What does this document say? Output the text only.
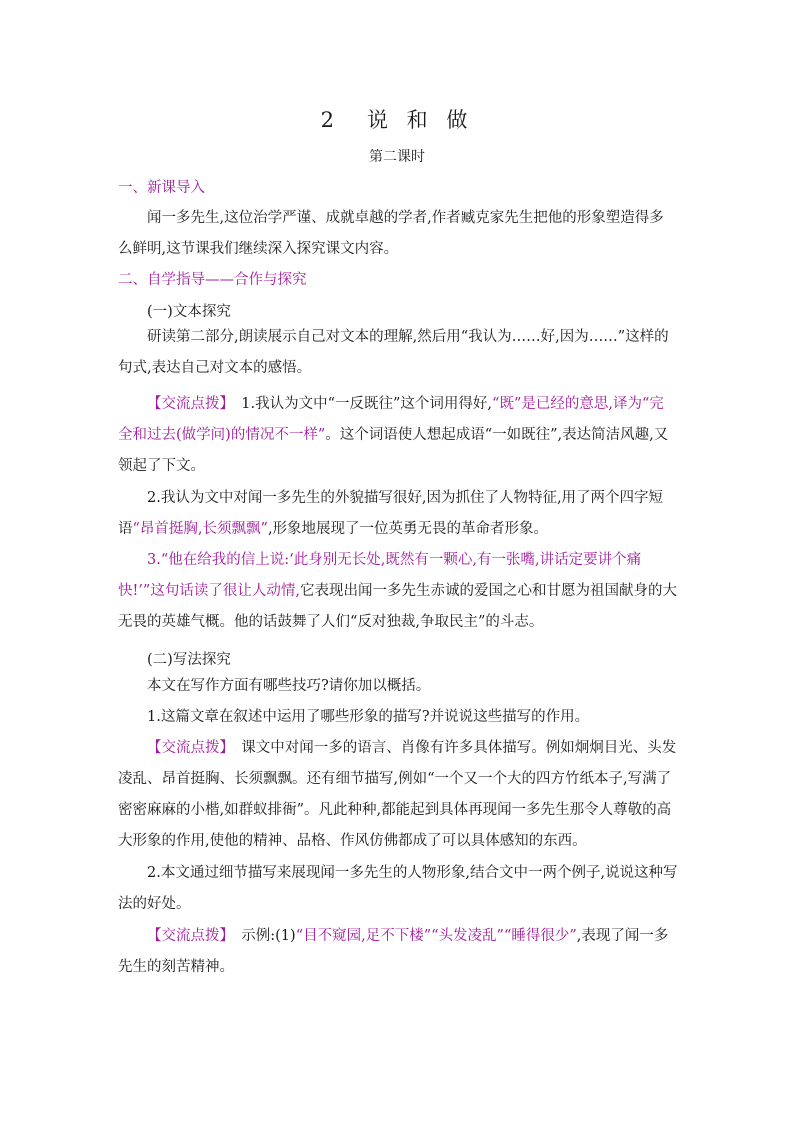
2　说 和 做
第二课时
一、新课导入
闻一多先生,这位治学严谨、成就卓越的学者,作者臧克家先生把他的形象塑造得多么鲜明,这节课我们继续深入探究课文内容。
二、自学指导——合作与探究
(一)文本探究
研读第二部分,朗读展示自己对文本的理解,然后用“我认为……好,因为……”这样的句式,表达自己对文本的感悟。
【交流点拨】　 1.我认为文中“一反既往”这个词用得好,“既”是已经的意思,译为“完全和过去(做学问)的情况不一样”。这个词语使人想起成语“一如既往”,表达简洁风趣,又领起了下文。
2.我认为文中对闻一多先生的外貌描写很好,因为抓住了人物特征,用了两个四字短语“昂首挺胸,长须飘飘”,形象地展现了一位英勇无畏的革命者形象。
3.“他在给我的信上说:‘此身别无长处,既然有一颗心,有一张嘴,讲话定要讲个痛快!’”这句话读了很让人动情,它表现出闻一多先生赤诚的爱国之心和甘愿为祖国献身的大无畏的英雄气概。他的话鼓舞了人们“反对独裁,争取民主”的斗志。
(二)写法探究
本文在写作方面有哪些技巧?请你加以概括。
1.这篇文章在叙述中运用了哪些形象的描写?并说说这些描写的作用。
【交流点拨】　 课文中对闻一多的语言、肖像有许多具体描写。例如炯炯目光、头发凌乱、昂首挺胸、长须飘飘。还有细节描写,例如“一个又一个大的四方竹纸本子,写满了密密麻麻的小楷,如群蚁排衙”。凡此种种,都能起到具体再现闻一多先生那令人尊敬的高大形象的作用,使他的精神、品格、作风仿佛都成了可以具体感知的东西。
2.本文通过细节描写来展现闻一多先生的人物形象,结合文中一两个例子,说说这种写法的好处。
【交流点拨】　 示例:(1)“目不窥园,足不下楼”“头发凌乱”“睡得很少”,表现了闻一多先生的刻苦精神。
